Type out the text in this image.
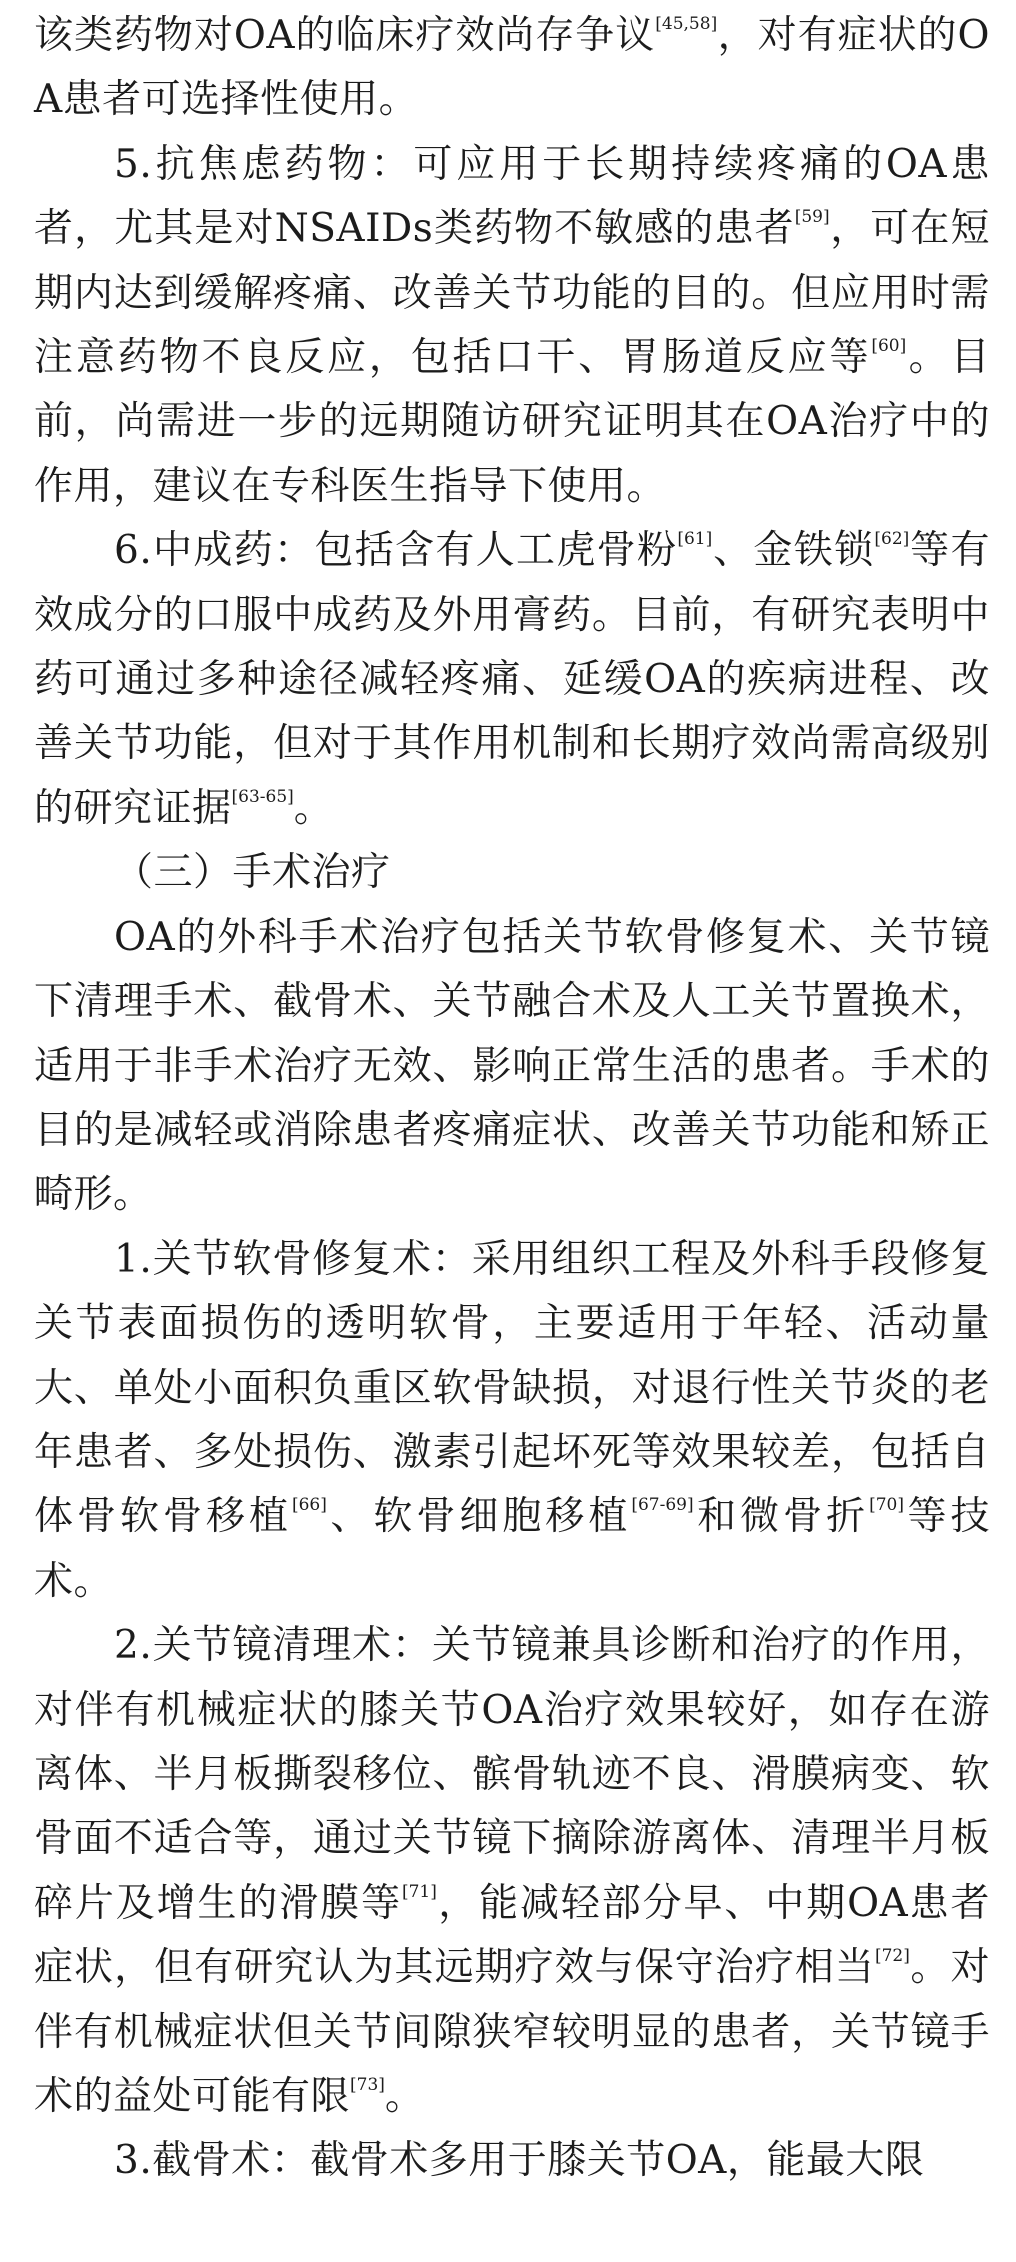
该类药物对OA的临床疗效尚存争议[45,58]，对有症状的OA患者可选择性使用。

5.抗焦虑药物：可应用于长期持续疼痛的OA患者，尤其是对NSAIDs类药物不敏感的患者[59]，可在短期内达到缓解疼痛、改善关节功能的目的。但应用时需注意药物不良反应，包括口干、胃肠道反应等[60]。目前，尚需进一步的远期随访研究证明其在OA治疗中的作用，建议在专科医生指导下使用。

6.中成药：包括含有人工虎骨粉[61]、金铁锁[62]等有效成分的口服中成药及外用膏药。目前，有研究表明中药可通过多种途径减轻疼痛、延缓OA的疾病进程、改善关节功能，但对于其作用机制和长期疗效尚需高级别的研究证据[63-65]。

（三）手术治疗

OA的外科手术治疗包括关节软骨修复术、关节镜下清理手术、截骨术、关节融合术及人工关节置换术，适用于非手术治疗无效、影响正常生活的患者。手术的目的是减轻或消除患者疼痛症状、改善关节功能和矫正畸形。

1.关节软骨修复术：采用组织工程及外科手段修复关节表面损伤的透明软骨，主要适用于年轻、活动量大、单处小面积负重区软骨缺损，对退行性关节炎的老年患者、多处损伤、激素引起坏死等效果较差，包括自体骨软骨移植[66]、软骨细胞移植[67-69]和微骨折[70]等技术。

2.关节镜清理术：关节镜兼具诊断和治疗的作用，对伴有机械症状的膝关节OA治疗效果较好，如存在游离体、半月板撕裂移位、髌骨轨迹不良、滑膜病变、软骨面不适合等，通过关节镜下摘除游离体、清理半月板碎片及增生的滑膜等[71]，能减轻部分早、中期OA患者症状，但有研究认为其远期疗效与保守治疗相当[72]。对伴有机械症状但关节间隙狭窄较明显的患者，关节镜手术的益处可能有限[73]。

3.截骨术：截骨术多用于膝关节OA，能最大限
